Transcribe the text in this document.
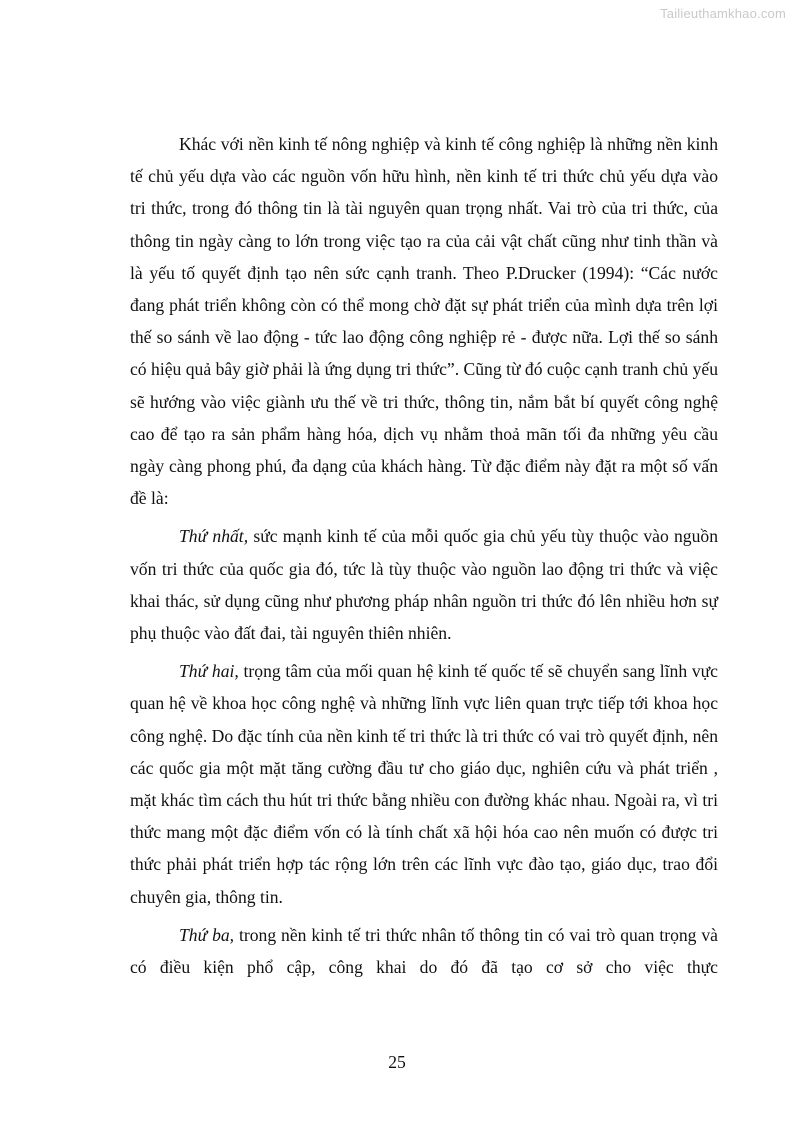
Tailieuthamkhao.com

Khác với nền kinh tế nông nghiệp và kinh tế công nghiệp là những nền kinh tế chủ yếu dựa vào các nguồn vốn hữu hình, nền kinh tế tri thức chủ yếu dựa vào tri thức, trong đó thông tin là tài nguyên quan trọng nhất. Vai trò của tri thức, của thông tin ngày càng to lớn trong việc tạo ra của cải vật chất cũng như tinh thần và là yếu tố quyết định tạo nên sức cạnh tranh. Theo P.Drucker (1994): “Các nước đang phát triển không còn có thể mong chờ đặt sự phát triển của mình dựa trên lợi thế so sánh về lao động - tức lao động công nghiệp rẻ - được nữa. Lợi thế so sánh có hiệu quả bây giờ phải là ứng dụng tri thức”. Cũng từ đó cuộc cạnh tranh chủ yếu sẽ hướng vào việc giành ưu thế về tri thức, thông tin, nắm bắt bí quyết công nghệ cao để tạo ra sản phẩm hàng hóa, dịch vụ nhằm thoả mãn tối đa những yêu cầu ngày càng phong phú, đa dạng của khách hàng. Từ đặc điểm này đặt ra một số vấn đề là:

Thứ nhất, sức mạnh kinh tế của mỗi quốc gia chủ yếu tùy thuộc vào nguồn vốn tri thức của quốc gia đó, tức là tùy thuộc vào nguồn lao động tri thức và việc khai thác, sử dụng cũng như phương pháp nhân nguồn tri thức đó lên nhiều hơn sự phụ thuộc vào đất đai, tài nguyên thiên nhiên.

Thứ hai, trọng tâm của mối quan hệ kinh tế quốc tế sẽ chuyển sang lĩnh vực quan hệ về khoa học công nghệ và những lĩnh vực liên quan trực tiếp tới khoa học công nghệ. Do đặc tính của nền kinh tế tri thức là tri thức có vai trò quyết định, nên các quốc gia một mặt tăng cường đầu tư cho giáo dục, nghiên cứu và phát triển , mặt khác tìm cách thu hút tri thức bằng nhiều con đường khác nhau. Ngoài ra, vì tri thức mang một đặc điểm vốn có là tính chất xã hội hóa cao nên muốn có được tri thức phải phát triển hợp tác rộng lớn trên các lĩnh vực đào tạo, giáo dục, trao đổi chuyên gia, thông tin.

Thứ ba, trong nền kinh tế tri thức nhân tố thông tin có vai trò quan trọng và có điều kiện phổ cập, công khai do đó đã tạo cơ sở cho việc thực

25
